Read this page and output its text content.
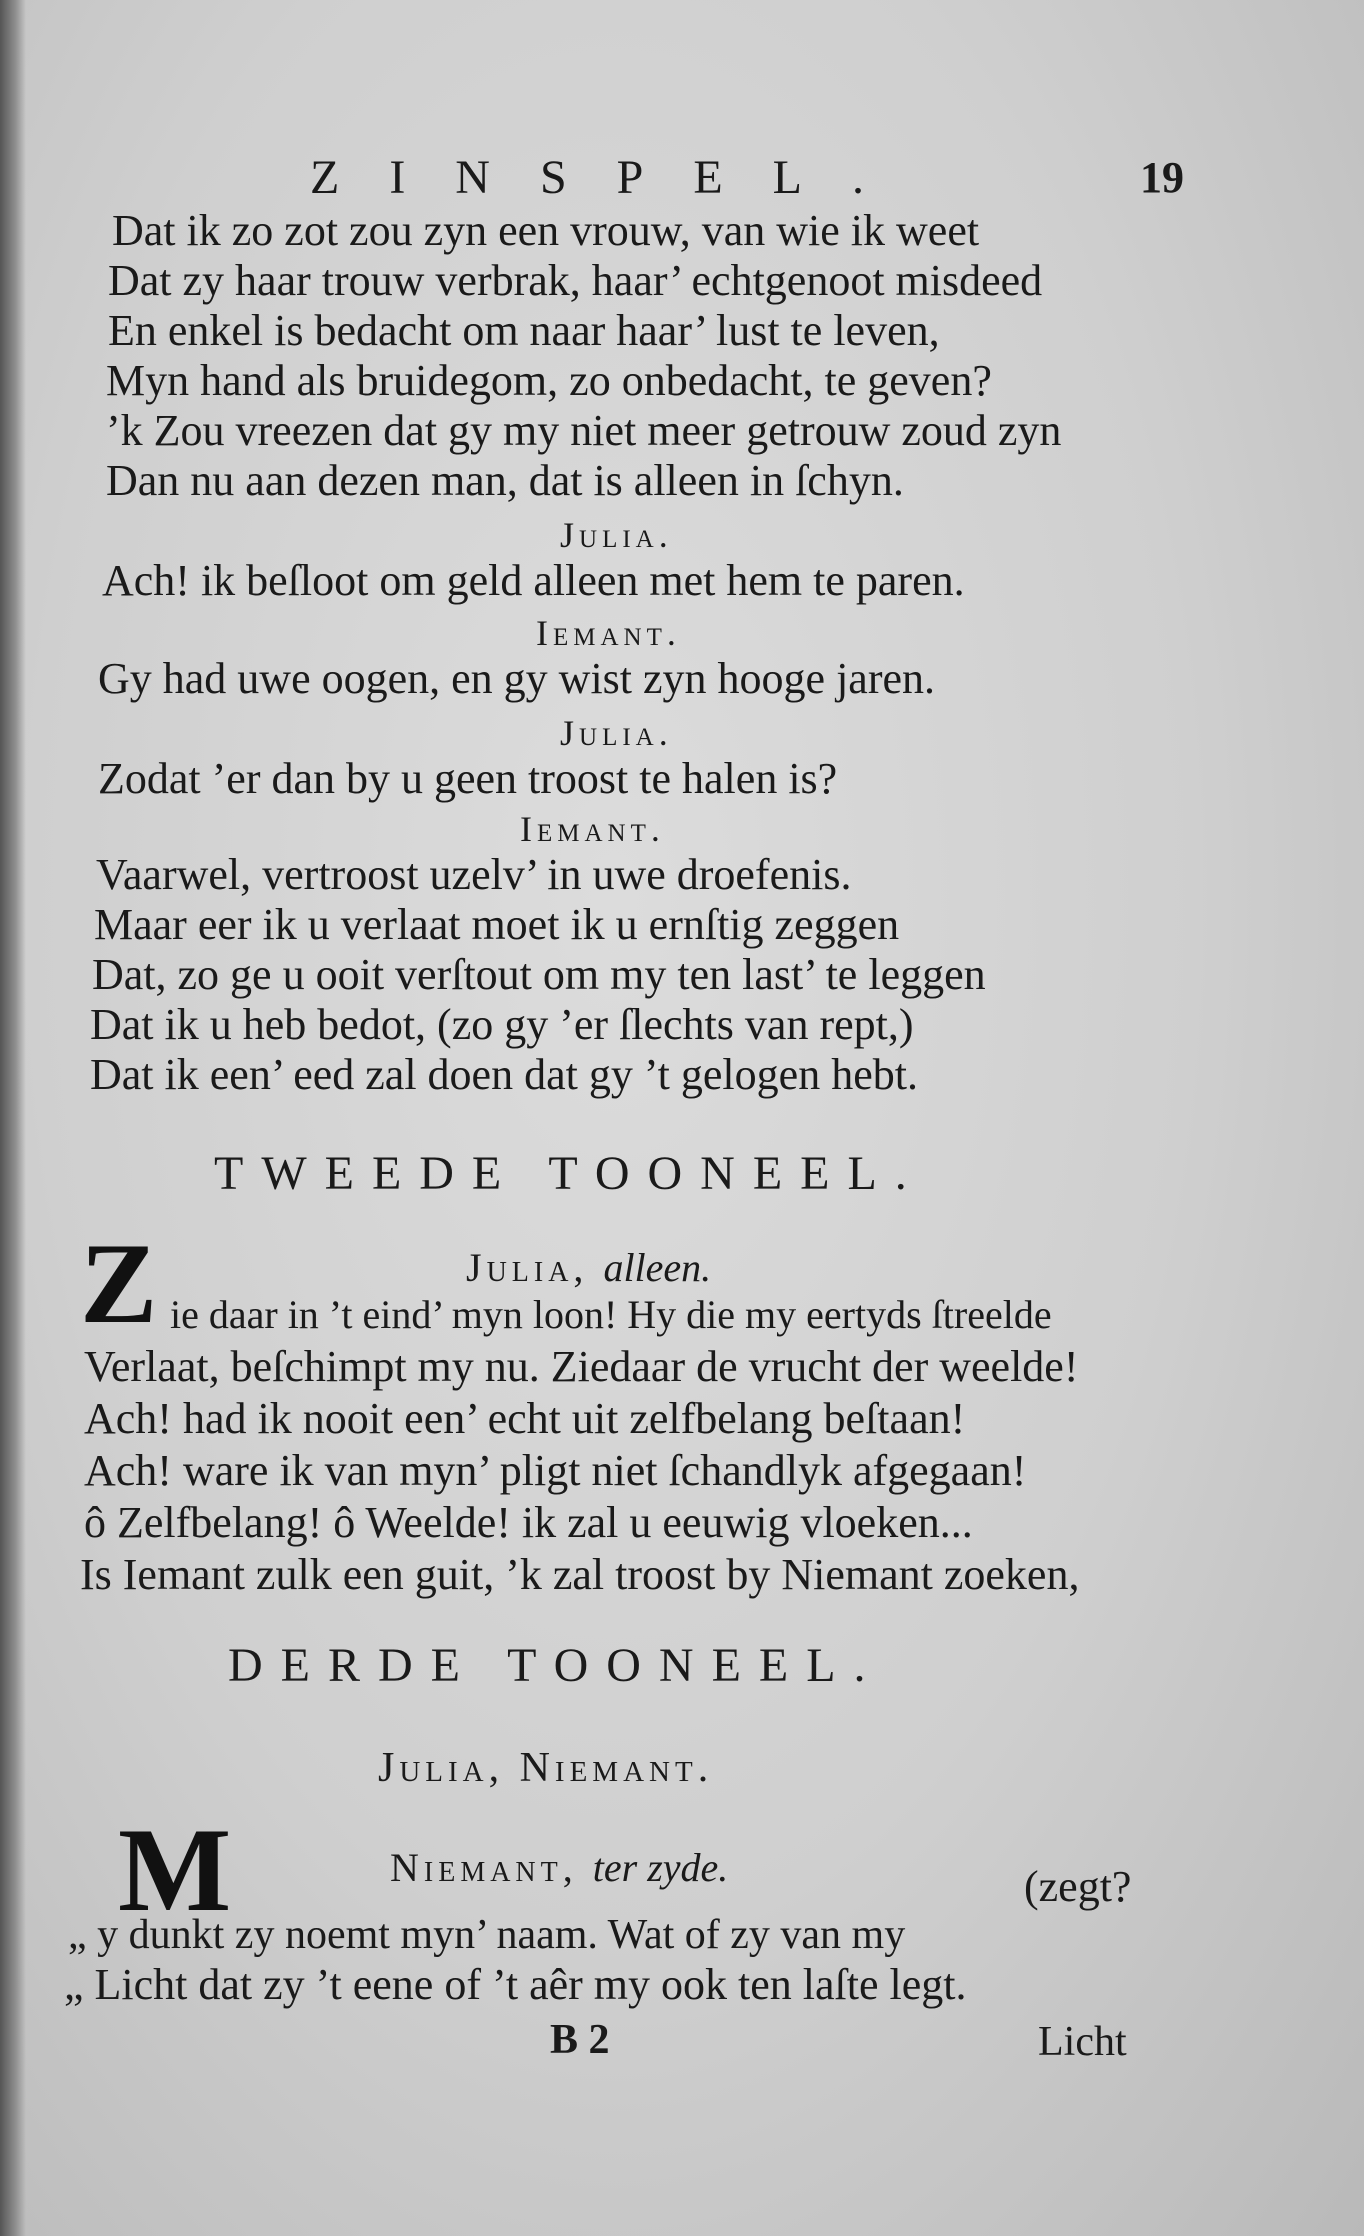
ZINSPEL.	19
Dat ik zo zot zou zyn een vrouw, van wie ik weet
Dat zy haar trouw verbrak, haar’ echtgenoot misdeed
En enkel is bedacht om naar haar’ lust te leven,
Myn hand als bruidegom, zo onbedacht, te geven?
’k Zou vreezen dat gy my niet meer getrouw zoud zyn
Dan nu aan dezen man, dat is alleen in ſchyn.
Julia.
Ach! ik beſloot om geld alleen met hem te paren.
Iemant.
Gy had uwe oogen, en gy wist zyn hooge jaren.
Julia.
Zodat ’er dan by u geen troost te halen is?
Iemant.
Vaarwel, vertroost uzelv’ in uwe droefenis.
Maar eer ik u verlaat moet ik u ernſtig zeggen
Dat, zo ge u ooit verſtout om my ten last’ te leggen
Dat ik u heb bedot, (zo gy ’er ſlechts van rept,)
Dat ik een’ eed zal doen dat gy ’t gelogen hebt.
TWEEDE TOONEEL.
Julia, alleen.
Z ie daar in ’t eind’ myn loon! Hy die my eertyds ſtreelde
Verlaat, beſchimpt my nu. Ziedaar de vrucht der weelde!
Ach! had ik nooit een’ echt uit zelfbelang beſtaan!
Ach! ware ik van myn’ pligt niet ſchandlyk afgegaan!
ô Zelfbelang! ô Weelde! ik zal u eeuwig vloeken...
Is Iemant zulk een guit, ’k zal troost by Niemant zoeken,
DERDE TOONEEL.
Julia, Niemant.
Niemant, ter zyde.	(zegt?
M
„ y dunkt zy noemt myn’ naam. Wat of zy van my
„ Licht dat zy ’t eene of ’t aêr my ook ten laſte legt.
B 2	Licht
